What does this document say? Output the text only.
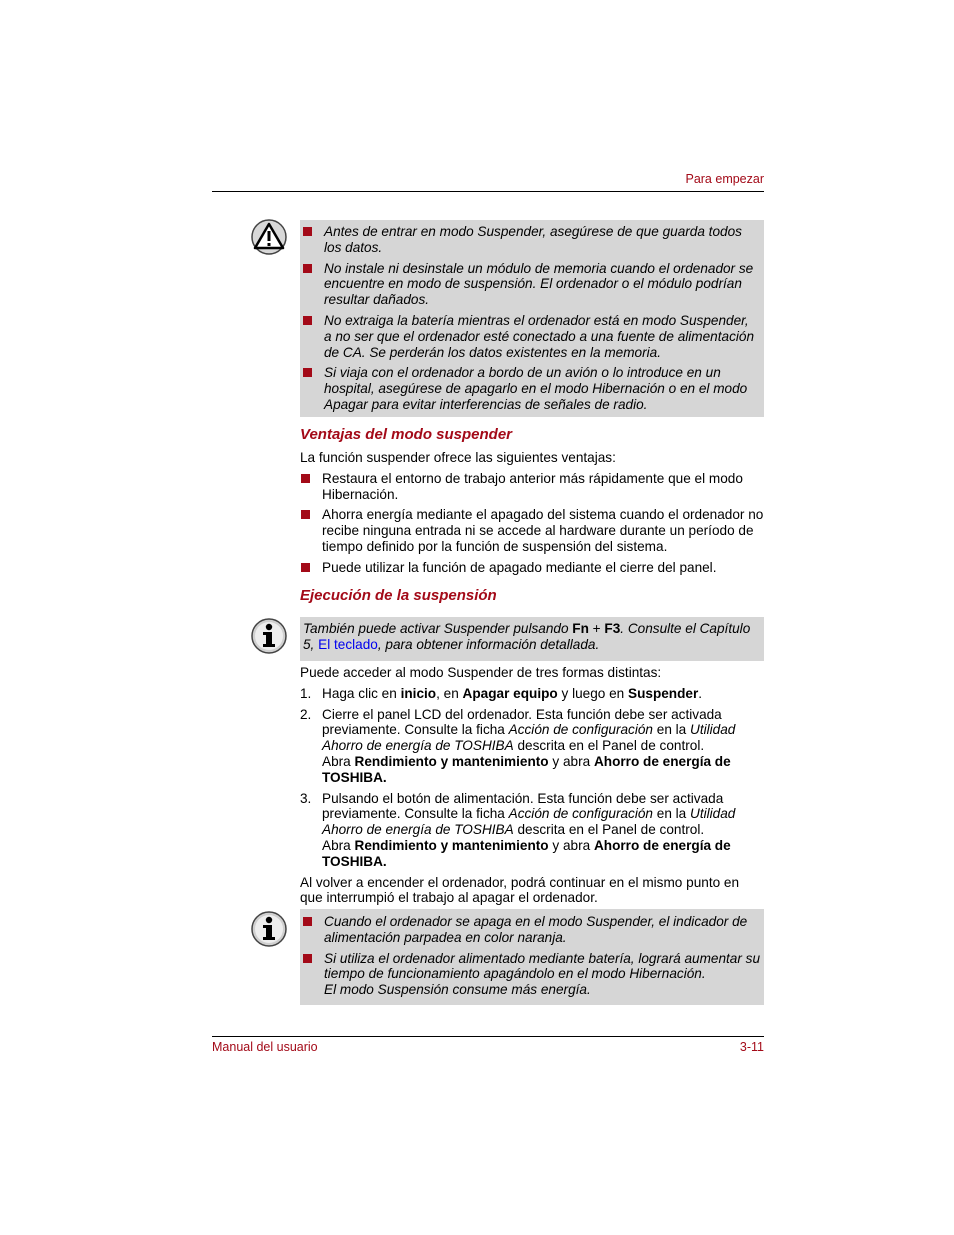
Para empezar
Antes de entrar en modo Suspender, asegúrese de que guarda todos los datos.
No instale ni desinstale un módulo de memoria cuando el ordenador se encuentre en modo de suspensión. El ordenador o el módulo podrían resultar dañados.
No extraiga la batería mientras el ordenador está en modo Suspender, a no ser que el ordenador esté conectado a una fuente de alimentación de CA. Se perderán los datos existentes en la memoria.
Si viaja con el ordenador a bordo de un avión o lo introduce en un hospital, asegúrese de apagarlo en el modo Hibernación o en el modo Apagar para evitar interferencias de señales de radio.
Ventajas del modo suspender

La función suspender ofrece las siguientes ventajas:

Restaura el entorno de trabajo anterior más rápidamente que el modo Hibernación.
Ahorra energía mediante el apagado del sistema cuando el ordenador no recibe ninguna entrada ni se accede al hardware durante un período de tiempo definido por la función de suspensión del sistema.
Puede utilizar la función de apagado mediante el cierre del panel.
Ejecución de la suspensión
También puede activar Suspender pulsando Fn + F3. Consulte el Capítulo 5, El teclado, para obtener información detallada.

Puede acceder al modo Suspender de tres formas distintas:

1. Haga clic en inicio, en Apagar equipo y luego en Suspender.
2. Cierre el panel LCD del ordenador. Esta función debe ser activada previamente. Consulte la ficha Acción de configuración en la Utilidad Ahorro de energía de TOSHIBA descrita en el Panel de control.
Abra Rendimiento y mantenimiento y abra Ahorro de energía de TOSHIBA.
3. Pulsando el botón de alimentación. Esta función debe ser activada previamente. Consulte la ficha Acción de configuración en la Utilidad Ahorro de energía de TOSHIBA descrita en el Panel de control.
Abra Rendimiento y mantenimiento y abra Ahorro de energía de TOSHIBA.

Al volver a encender el ordenador, podrá continuar en el mismo punto en que interrumpió el trabajo al apagar el ordenador.

Cuando el ordenador se apaga en el modo Suspender, el indicador de alimentación parpadea en color naranja.
Si utiliza el ordenador alimentado mediante batería, logrará aumentar su tiempo de funcionamiento apagándolo en el modo Hibernación.
El modo Suspensión consume más energía.
Manual del usuario	3-11
